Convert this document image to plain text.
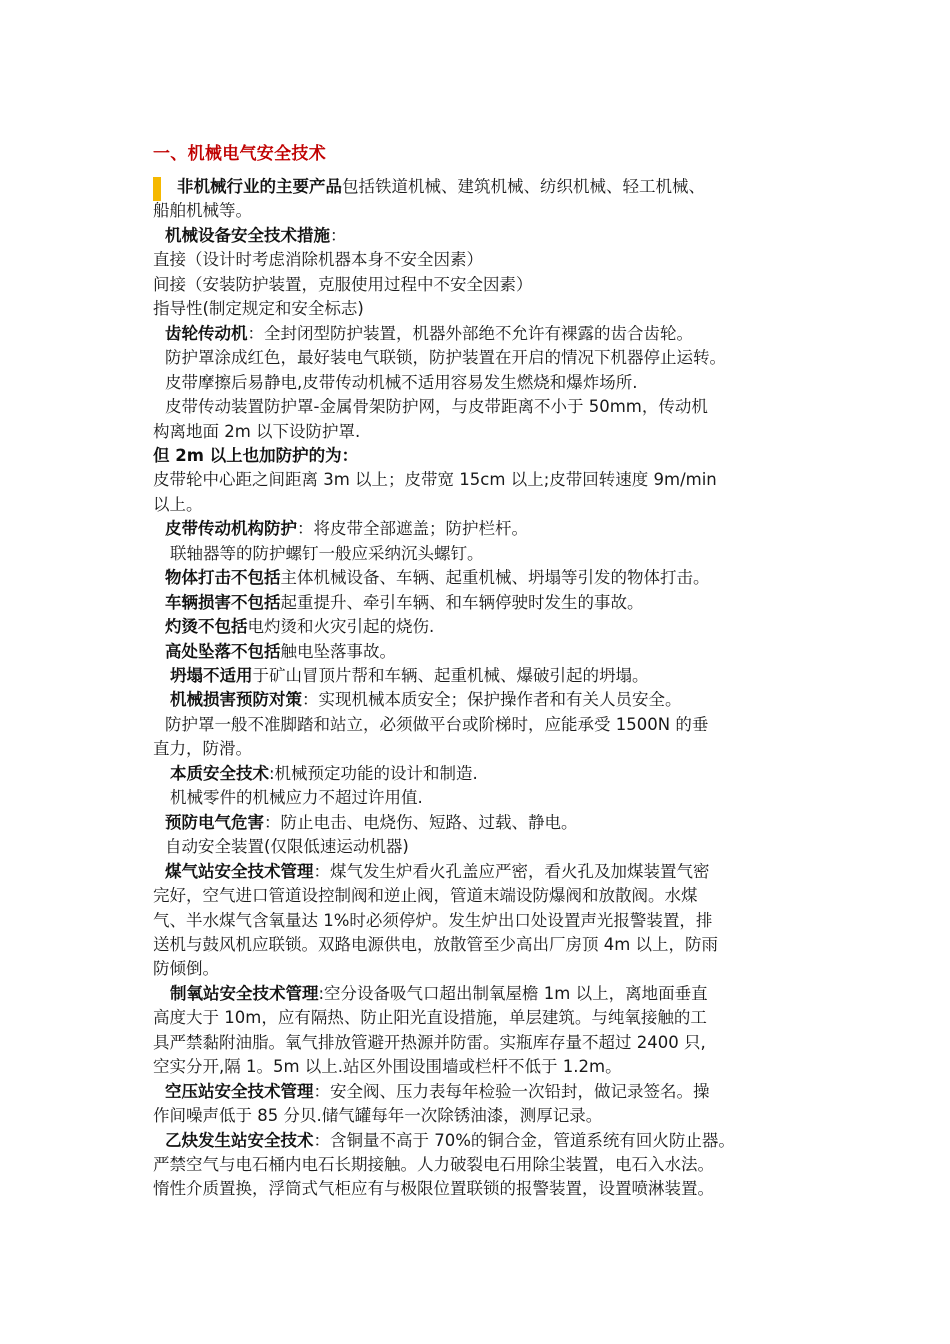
一、机械电气安全技术
非机械行业的主要产品包括铁道机械、建筑机械、纺织机械、轻工机械、
船舶机械等。
机械设备安全技术措施：
直接（设计时考虑消除机器本身不安全因素）
间接（安装防护装置，克服使用过程中不安全因素）
指导性(制定规定和安全标志)
齿轮传动机：全封闭型防护装置，机器外部绝不允许有裸露的齿合齿轮。
防护罩涂成红色，最好装电气联锁，防护装置在开启的情况下机器停止运转。
皮带摩擦后易静电,皮带传动机械不适用容易发生燃烧和爆炸场所.
皮带传动装置防护罩-金属骨架防护网，与皮带距离不小于 50mm，传动机
构离地面 2m 以下设防护罩.
但 2m 以上也加防护的为：
皮带轮中心距之间距离 3m 以上；皮带宽 15cm 以上;皮带回转速度 9m/min
以上。
皮带传动机构防护：将皮带全部遮盖；防护栏杆。
联轴器等的防护螺钉一般应采纳沉头螺钉。
物体打击不包括主体机械设备、车辆、起重机械、坍塌等引发的物体打击。
车辆损害不包括起重提升、牵引车辆、和车辆停驶时发生的事故。
灼烫不包括电灼烫和火灾引起的烧伤.
高处坠落不包括触电坠落事故。
坍塌不适用于矿山冒顶片帮和车辆、起重机械、爆破引起的坍塌。
机械损害预防对策：实现机械本质安全；保护操作者和有关人员安全。
防护罩一般不准脚踏和站立，必须做平台或阶梯时，应能承受 1500N 的垂
直力，防滑。
本质安全技术:机械预定功能的设计和制造.
机械零件的机械应力不超过许用值.
预防电气危害：防止电击、电烧伤、短路、过载、静电。
自动安全装置(仅限低速运动机器)
煤气站安全技术管理：煤气发生炉看火孔盖应严密，看火孔及加煤装置气密
完好，空气进口管道设控制阀和逆止阀，管道末端设防爆阀和放散阀。水煤
气、半水煤气含氧量达 1%时必须停炉。发生炉出口处设置声光报警装置，排
送机与鼓风机应联锁。双路电源供电，放散管至少高出厂房顶 4m 以上，防雨
防倾倒。
制氧站安全技术管理:空分设备吸气口超出制氧屋檐 1m 以上，离地面垂直
高度大于 10m，应有隔热、防止阳光直设措施，单层建筑。与纯氧接触的工
具严禁黏附油脂。氧气排放管避开热源并防雷。实瓶库存量不超过 2400 只,
空实分开,隔 1。5m 以上.站区外围设围墙或栏杆不低于 1.2m。
空压站安全技术管理：安全阀、压力表每年检验一次铅封，做记录签名。操
作间噪声低于 85 分贝.储气罐每年一次除锈油漆，测厚记录。
乙炔发生站安全技术：含铜量不高于 70%的铜合金，管道系统有回火防止器。
严禁空气与电石桶内电石长期接触。人力破裂电石用除尘装置，电石入水法。
惰性介质置换，浮筒式气柜应有与极限位置联锁的报警装置，设置喷淋装置。
